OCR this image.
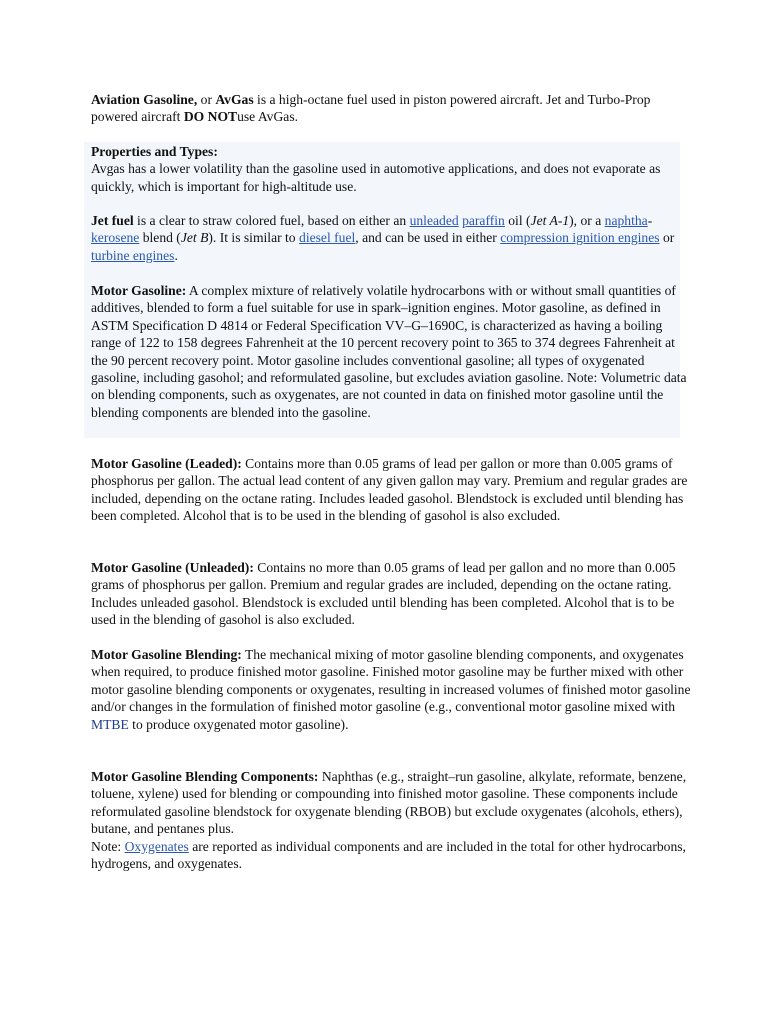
Aviation Gasoline, or AvGas is a high-octane fuel used in piston powered aircraft. Jet and Turbo-Prop powered aircraft DO NOTuse AvGas.

Properties and Types:
Avgas has a lower volatility than the gasoline used in automotive applications, and does not evaporate as quickly, which is important for high-altitude use.

Jet fuel is a clear to straw colored fuel, based on either an unleaded paraffin oil (Jet A-1), or a naphtha-kerosene blend (Jet B). It is similar to diesel fuel, and can be used in either compression ignition engines or turbine engines.

Motor Gasoline: A complex mixture of relatively volatile hydrocarbons with or without small quantities of additives, blended to form a fuel suitable for use in spark–ignition engines. Motor gasoline, as defined in ASTM Specification D 4814 or Federal Specification VV–G–1690C, is characterized as having a boiling range of 122 to 158 degrees Fahrenheit at the 10 percent recovery point to 365 to 374 degrees Fahrenheit at the 90 percent recovery point. Motor gasoline includes conventional gasoline; all types of oxygenated gasoline, including gasohol; and reformulated gasoline, but excludes aviation gasoline. Note: Volumetric data on blending components, such as oxygenates, are not counted in data on finished motor gasoline until the blending components are blended into the gasoline.

Motor Gasoline (Leaded): Contains more than 0.05 grams of lead per gallon or more than 0.005 grams of phosphorus per gallon. The actual lead content of any given gallon may vary. Premium and regular grades are included, depending on the octane rating. Includes leaded gasohol. Blendstock is excluded until blending has been completed. Alcohol that is to be used in the blending of gasohol is also excluded.

Motor Gasoline (Unleaded): Contains no more than 0.05 grams of lead per gallon and no more than 0.005 grams of phosphorus per gallon. Premium and regular grades are included, depending on the octane rating. Includes unleaded gasohol. Blendstock is excluded until blending has been completed. Alcohol that is to be used in the blending of gasohol is also excluded.

Motor Gasoline Blending: The mechanical mixing of motor gasoline blending components, and oxygenates when required, to produce finished motor gasoline. Finished motor gasoline may be further mixed with other motor gasoline blending components or oxygenates, resulting in increased volumes of finished motor gasoline and/or changes in the formulation of finished motor gasoline (e.g., conventional motor gasoline mixed with MTBE to produce oxygenated motor gasoline).

Motor Gasoline Blending Components: Naphthas (e.g., straight–run gasoline, alkylate, reformate, benzene, toluene, xylene) used for blending or compounding into finished motor gasoline. These components include reformulated gasoline blendstock for oxygenate blending (RBOB) but exclude oxygenates (alcohols, ethers), butane, and pentanes plus.
Note: Oxygenates are reported as individual components and are included in the total for other hydrocarbons, hydrogens, and oxygenates.
